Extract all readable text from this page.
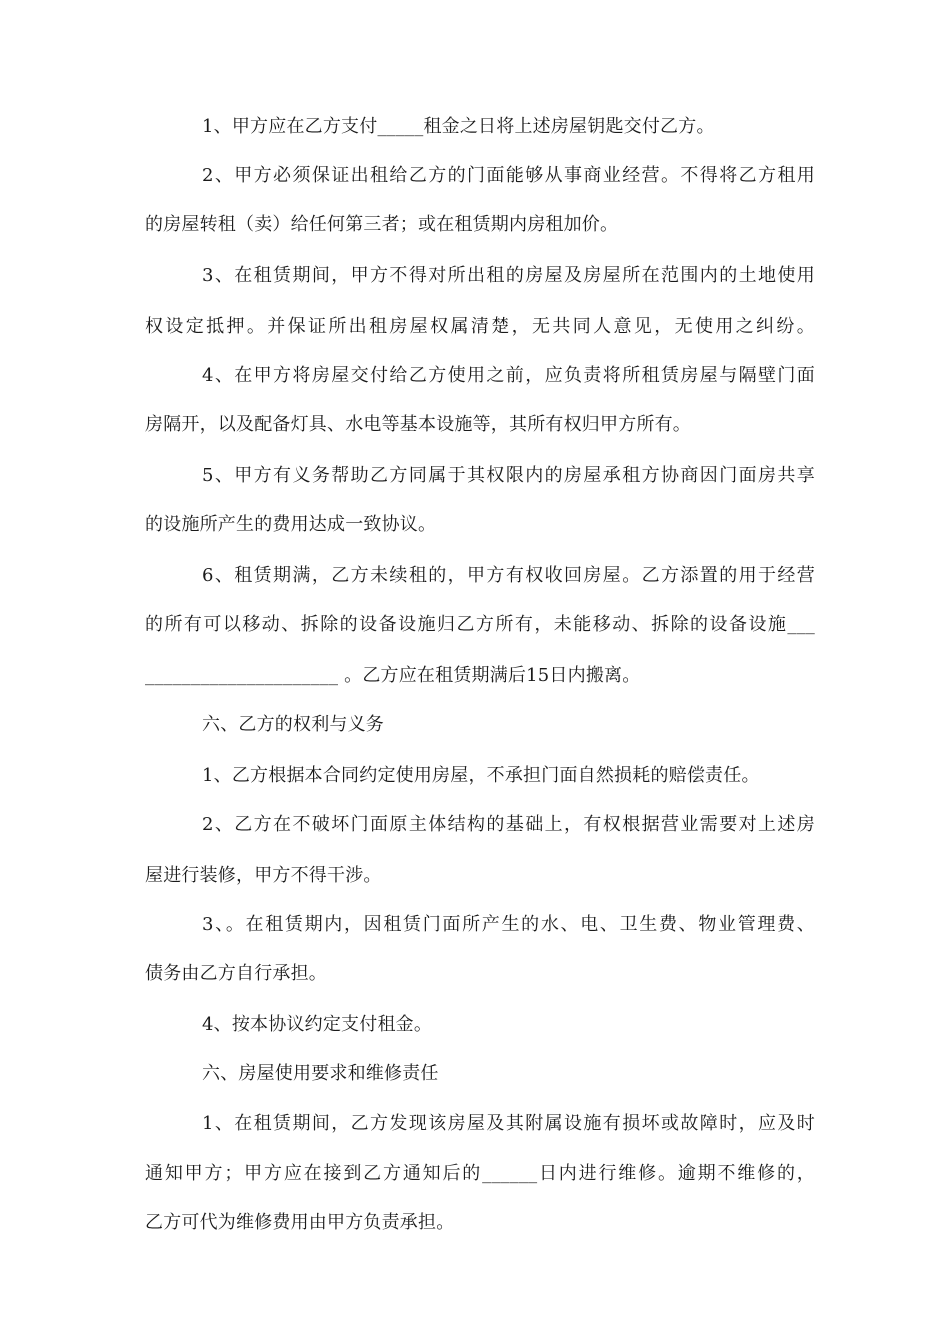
1、甲方应在乙方支付_____租金之日将上述房屋钥匙交付乙方。
2、甲方必须保证出租给乙方的门面能够从事商业经营。不得将乙方租用
的房屋转租（卖）给任何第三者；或在租赁期内房租加价。
3、在租赁期间，甲方不得对所出租的房屋及房屋所在范围内的土地使用
权设定抵押。并保证所出租房屋权属清楚，无共同人意见，无使用之纠纷。
4、在甲方将房屋交付给乙方使用之前，应负责将所租赁房屋与隔壁门面
房隔开，以及配备灯具、水电等基本设施等，其所有权归甲方所有。
5、甲方有义务帮助乙方同属于其权限内的房屋承租方协商因门面房共享
的设施所产生的费用达成一致协议。
6、租赁期满，乙方未续租的，甲方有权收回房屋。乙方添置的用于经营
的所有可以移动、拆除的设备设施归乙方所有，未能移动、拆除的设备设施___
_____________________ 。乙方应在租赁期满后15日内搬离。
六、乙方的权利与义务
1、乙方根据本合同约定使用房屋，不承担门面自然损耗的赔偿责任。
2、乙方在不破坏门面原主体结构的基础上，有权根据营业需要对上述房
屋进行装修，甲方不得干涉。
3、。在租赁期内，因租赁门面所产生的水、电、卫生费、物业管理费、
债务由乙方自行承担。
4、按本协议约定支付租金。
六、房屋使用要求和维修责任
1、在租赁期间，乙方发现该房屋及其附属设施有损坏或故障时，应及时
通知甲方；甲方应在接到乙方通知后的______日内进行维修。逾期不维修的，
乙方可代为维修费用由甲方负责承担。
